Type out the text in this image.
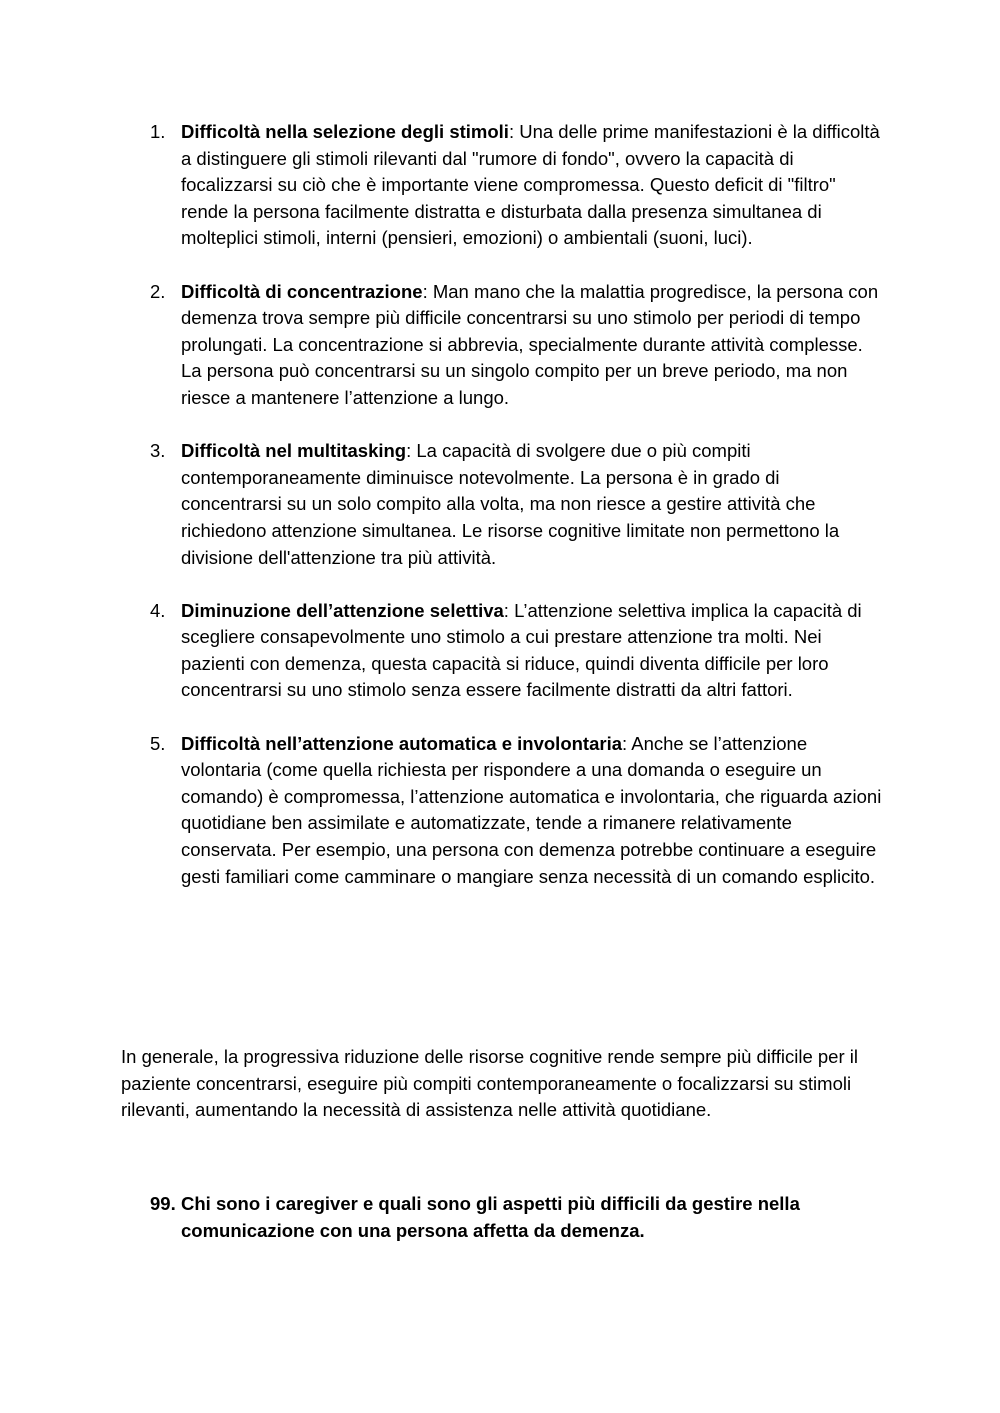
1. Difficoltà nella selezione degli stimoli: Una delle prime manifestazioni è la difficoltà a distinguere gli stimoli rilevanti dal "rumore di fondo", ovvero la capacità di focalizzarsi su ciò che è importante viene compromessa. Questo deficit di "filtro" rende la persona facilmente distratta e disturbata dalla presenza simultanea di molteplici stimoli, interni (pensieri, emozioni) o ambientali (suoni, luci).
2. Difficoltà di concentrazione: Man mano che la malattia progredisce, la persona con demenza trova sempre più difficile concentrarsi su uno stimolo per periodi di tempo prolungati. La concentrazione si abbrevia, specialmente durante attività complesse. La persona può concentrarsi su un singolo compito per un breve periodo, ma non riesce a mantenere l’attenzione a lungo.
3. Difficoltà nel multitasking: La capacità di svolgere due o più compiti contemporaneamente diminuisce notevolmente. La persona è in grado di concentrarsi su un solo compito alla volta, ma non riesce a gestire attività che richiedono attenzione simultanea. Le risorse cognitive limitate non permettono la divisione dell'attenzione tra più attività.
4. Diminuzione dell’attenzione selettiva: L’attenzione selettiva implica la capacità di scegliere consapevolmente uno stimolo a cui prestare attenzione tra molti. Nei pazienti con demenza, questa capacità si riduce, quindi diventa difficile per loro concentrarsi su uno stimolo senza essere facilmente distratti da altri fattori.
5. Difficoltà nell’attenzione automatica e involontaria: Anche se l’attenzione volontaria (come quella richiesta per rispondere a una domanda o eseguire un comando) è compromessa, l’attenzione automatica e involontaria, che riguarda azioni quotidiane ben assimilate e automatizzate, tende a rimanere relativamente conservata. Per esempio, una persona con demenza potrebbe continuare a eseguire gesti familiari come camminare o mangiare senza necessità di un comando esplicito.

In generale, la progressiva riduzione delle risorse cognitive rende sempre più difficile per il paziente concentrarsi, eseguire più compiti contemporaneamente o focalizzarsi su stimoli rilevanti, aumentando la necessità di assistenza nelle attività quotidiane.

99. Chi sono i caregiver e quali sono gli aspetti più difficili da gestire nella comunicazione con una persona affetta da demenza.
